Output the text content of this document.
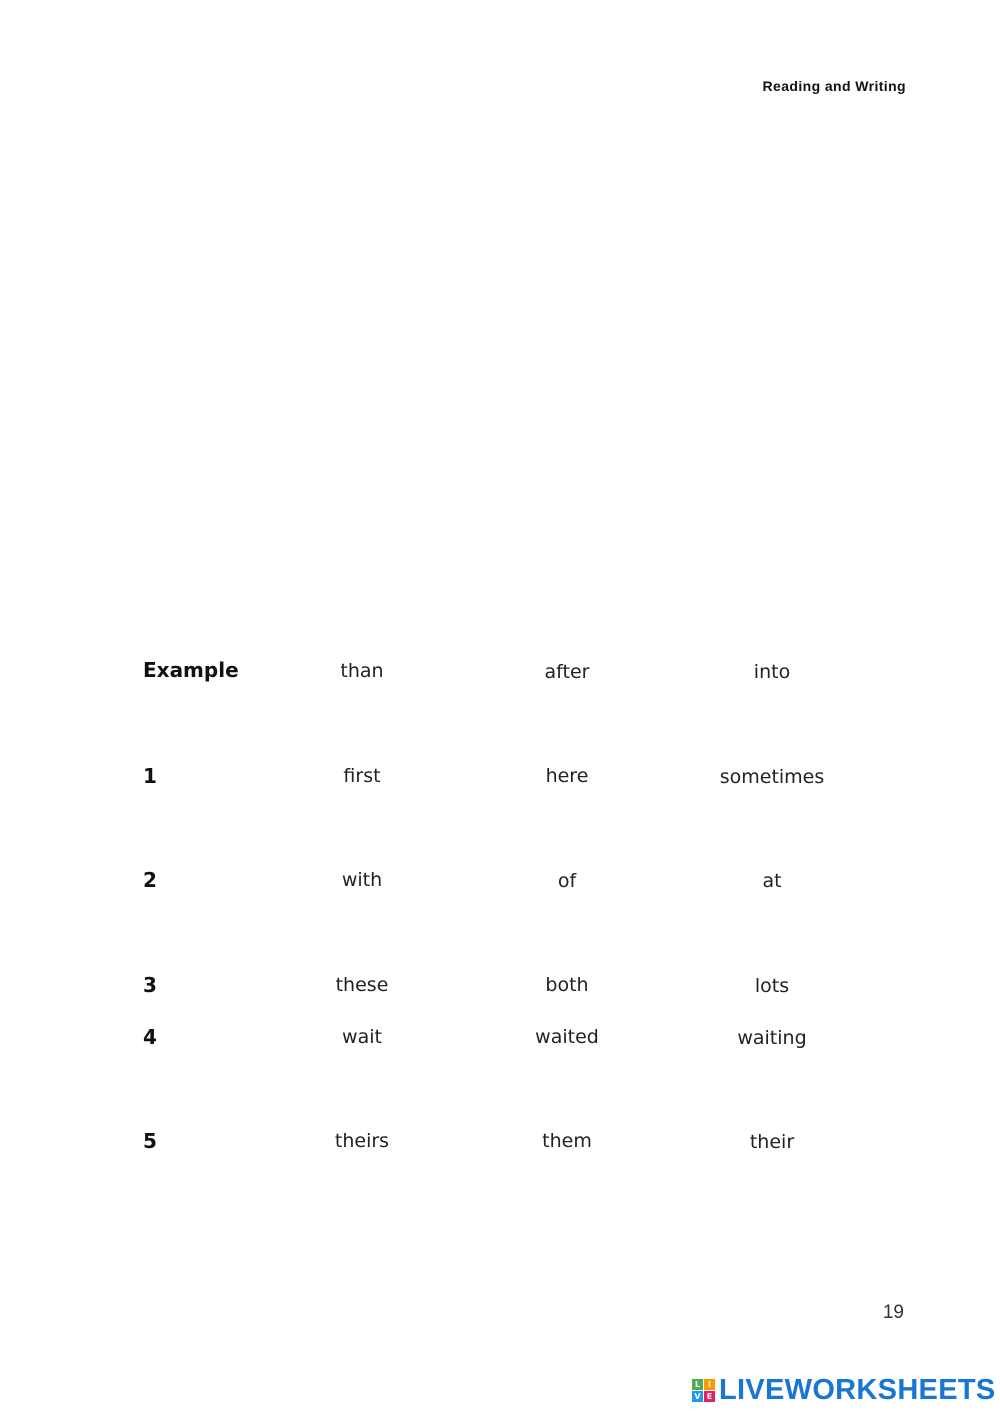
Reading and Writing
Example	than	after	into
1	first	here	sometimes
2	with	of	at
3	these	both	lots
4	wait	waited	waiting
5	theirs	them	their
19
L I
V E LIVEWORKSHEETS
